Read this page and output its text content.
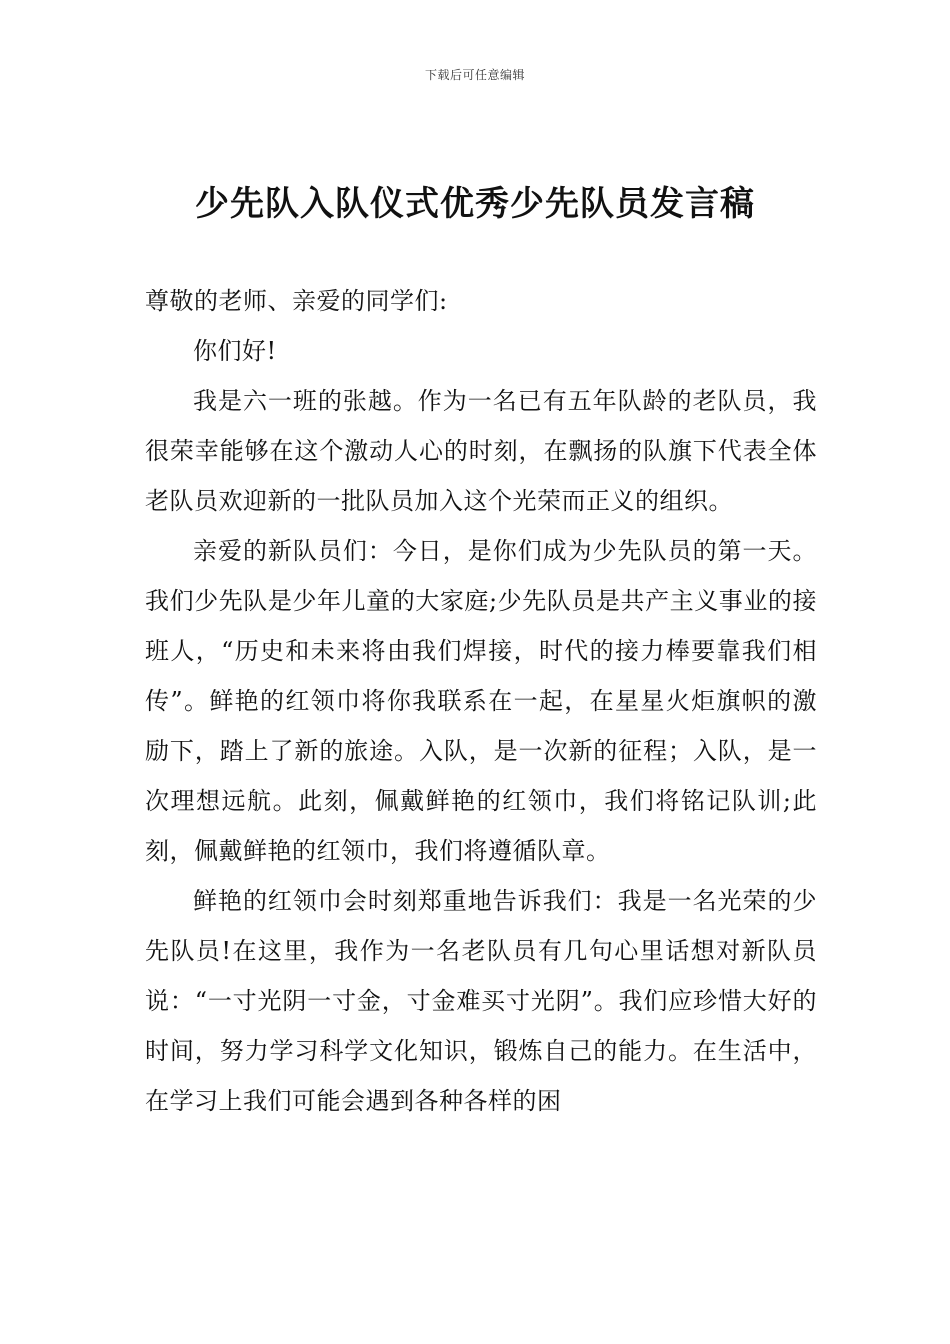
下载后可任意编辑
少先队入队仪式优秀少先队员发言稿

尊敬的老师、亲爱的同学们:

你们好!

我是六一班的张越。作为一名已有五年队龄的老队员，我很荣幸能够在这个激动人心的时刻，在飘扬的队旗下代表全体老队员欢迎新的一批队员加入这个光荣而正义的组织。

亲爱的新队员们：今日，是你们成为少先队员的第一天。我们少先队是少年儿童的大家庭;少先队员是共产主义事业的接班人，“历史和未来将由我们焊接，时代的接力棒要靠我们相传”。鲜艳的红领巾将你我联系在一起，在星星火炬旗帜的激励下，踏上了新的旅途。入队，是一次新的征程；入队，是一次理想远航。此刻，佩戴鲜艳的红领巾，我们将铭记队训;此刻，佩戴鲜艳的红领巾，我们将遵循队章。

鲜艳的红领巾会时刻郑重地告诉我们：我是一名光荣的少先队员!在这里，我作为一名老队员有几句心里话想对新队员说：“一寸光阴一寸金，寸金难买寸光阴”。我们应珍惜大好的时间，努力学习科学文化知识，锻炼自己的能力。在生活中，在学习上我们可能会遇到各种各样的困
